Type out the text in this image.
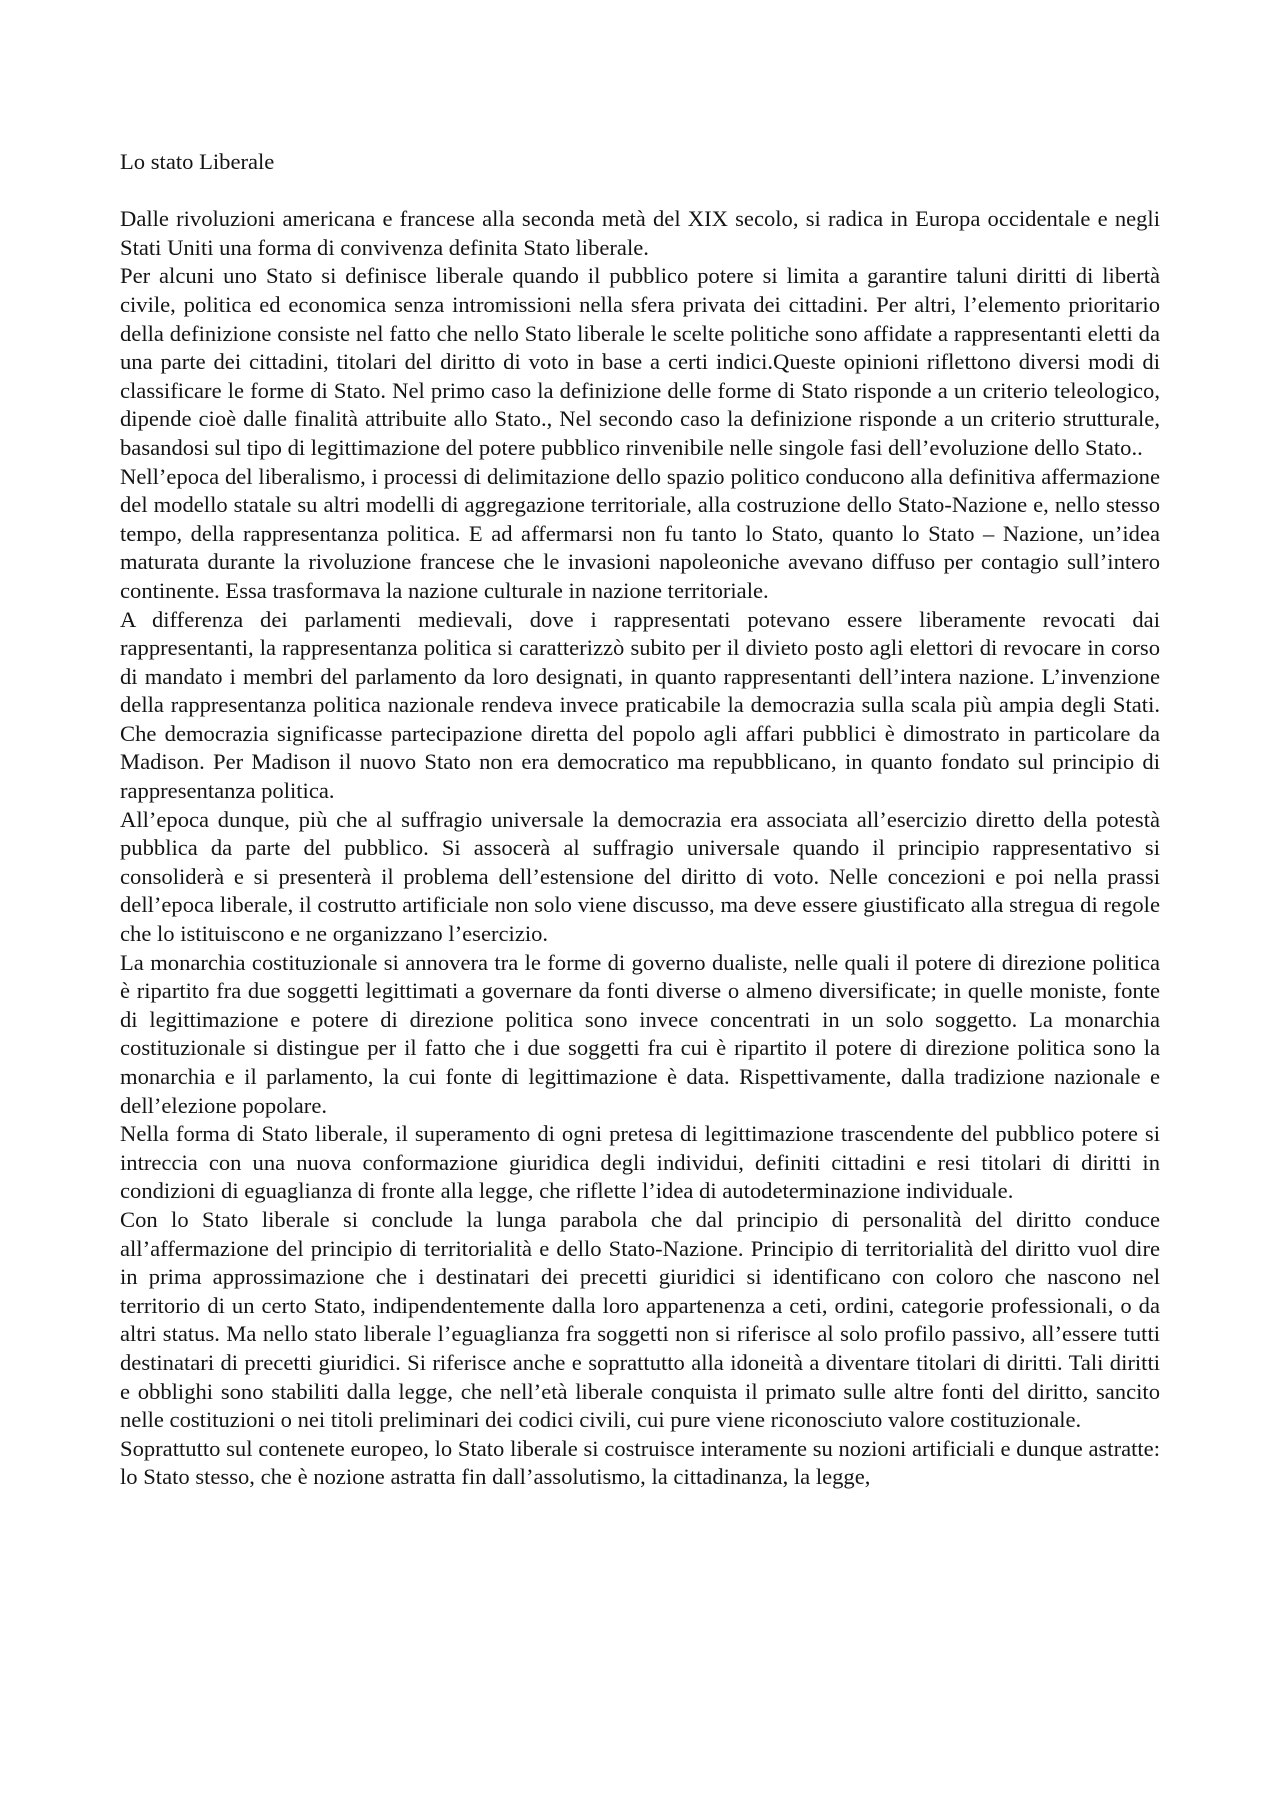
Lo stato Liberale

Dalle rivoluzioni americana e francese alla seconda metà del XIX secolo, si radica in Europa occidentale e negli Stati Uniti una forma di convivenza definita Stato liberale.

Per alcuni uno Stato si definisce liberale quando il pubblico potere si limita a garantire taluni diritti di libertà civile, politica ed economica senza intromissioni nella sfera privata dei cittadini. Per altri, l’elemento prioritario della definizione consiste nel fatto che nello Stato liberale le scelte politiche sono affidate a rappresentanti eletti da una parte dei cittadini, titolari del diritto di voto in base a certi indici.Queste opinioni riflettono diversi modi di classificare le forme di Stato. Nel primo caso la definizione delle forme di Stato risponde a un criterio teleologico, dipende cioè dalle finalità attribuite allo Stato., Nel secondo caso la definizione risponde a un criterio strutturale, basandosi sul tipo di legittimazione del potere pubblico rinvenibile nelle singole fasi dell’evoluzione dello Stato..

Nell’epoca del liberalismo, i processi di delimitazione dello spazio politico conducono alla definitiva affermazione del modello statale su altri modelli di aggregazione territoriale, alla costruzione dello Stato-Nazione e, nello stesso tempo, della rappresentanza politica. E ad affermarsi non fu tanto lo Stato, quanto lo Stato – Nazione, un’idea maturata durante la rivoluzione francese che le invasioni napoleoniche avevano diffuso per contagio sull’intero continente. Essa trasformava la nazione culturale in nazione territoriale.

A differenza dei parlamenti medievali, dove i rappresentati potevano essere liberamente revocati dai rappresentanti, la rappresentanza politica si caratterizzò subito per il divieto posto agli elettori di revocare in corso di mandato i membri del parlamento da loro designati, in quanto rappresentanti dell’intera nazione. L’invenzione della rappresentanza politica nazionale rendeva invece praticabile la democrazia sulla scala più ampia degli Stati. Che democrazia significasse partecipazione diretta del popolo agli affari pubblici è dimostrato in particolare da Madison. Per Madison il nuovo Stato non era democratico ma repubblicano, in quanto fondato sul principio di rappresentanza politica.

All’epoca dunque, più che al suffragio universale la democrazia era associata all’esercizio diretto della potestà pubblica da parte del pubblico. Si assocerà al suffragio universale quando il principio rappresentativo si consoliderà e si presenterà il problema dell’estensione del diritto di voto. Nelle concezioni e poi nella prassi dell’epoca liberale, il costrutto artificiale non solo viene discusso, ma deve essere giustificato alla stregua di regole che lo istituiscono e ne organizzano l’esercizio.

La monarchia costituzionale si annovera tra le forme di governo dualiste, nelle quali il potere di direzione politica è ripartito fra due soggetti legittimati a governare da fonti diverse o almeno diversificate; in quelle moniste, fonte di legittimazione e potere di direzione politica sono invece concentrati in un solo soggetto. La monarchia costituzionale si distingue per il fatto che i due soggetti fra cui è ripartito il potere di direzione politica sono la monarchia e il parlamento, la cui fonte di legittimazione è data. Rispettivamente, dalla tradizione nazionale e dell’elezione popolare.

Nella forma di Stato liberale, il superamento di ogni pretesa di legittimazione trascendente del pubblico potere si intreccia con una nuova conformazione giuridica degli individui, definiti cittadini e resi titolari di diritti in condizioni di eguaglianza di fronte alla legge, che riflette l’idea di autodeterminazione individuale.

Con lo Stato liberale si conclude la lunga parabola che dal principio di personalità del diritto conduce all’affermazione del principio di territorialità e dello Stato-Nazione. Principio di territorialità del diritto vuol dire in prima approssimazione che i destinatari dei precetti giuridici si identificano con coloro che nascono nel territorio di un certo Stato, indipendentemente dalla loro appartenenza a ceti, ordini, categorie professionali, o da altri status. Ma nello stato liberale l’eguaglianza fra soggetti non si riferisce al solo profilo passivo, all’essere tutti destinatari di precetti giuridici. Si riferisce anche e soprattutto alla idoneità a diventare titolari di diritti. Tali diritti e obblighi sono stabiliti dalla legge, che nell’età liberale conquista il primato sulle altre fonti del diritto, sancito nelle costituzioni o nei titoli preliminari dei codici civili, cui pure viene riconosciuto valore costituzionale.

Soprattutto sul contenete europeo, lo Stato liberale si costruisce interamente su nozioni artificiali e dunque astratte: lo Stato stesso, che è nozione astratta fin dall’assolutismo, la cittadinanza, la legge,
